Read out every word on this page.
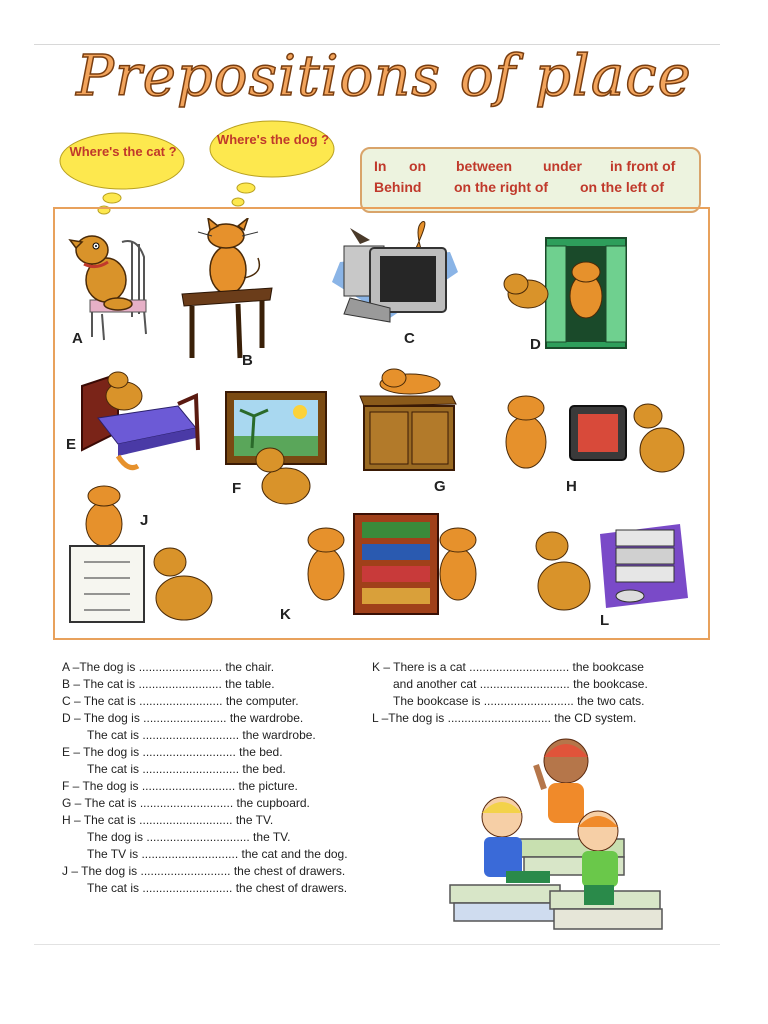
Prepositions of place
Where's the cat ?
Where's the dog ?
In on between under in front of
Behind on the right of on the left of
A
B
C	D
E
F	G	H
J
K	L
A –The dog is ......................... the chair.
B – The cat is ......................... the table.
C – The cat is ......................... the computer.
D – The dog is ......................... the wardrobe.
The cat is ............................. the wardrobe.
E – The dog is ............................ the bed.
The cat is ............................. the bed.
F – The dog is ............................ the picture.
G – The cat is ............................ the cupboard.
H – The cat is ............................ the TV.
The dog is ............................... the TV.
The TV is ............................. the cat and the dog.
J – The dog is ........................... the chest of drawers.
The cat is ........................... the chest of drawers.
K – There is a cat .............................. the bookcase
and another cat ........................... the bookcase.
The bookcase is ........................... the two cats.
L –The dog is ............................... the CD system.
